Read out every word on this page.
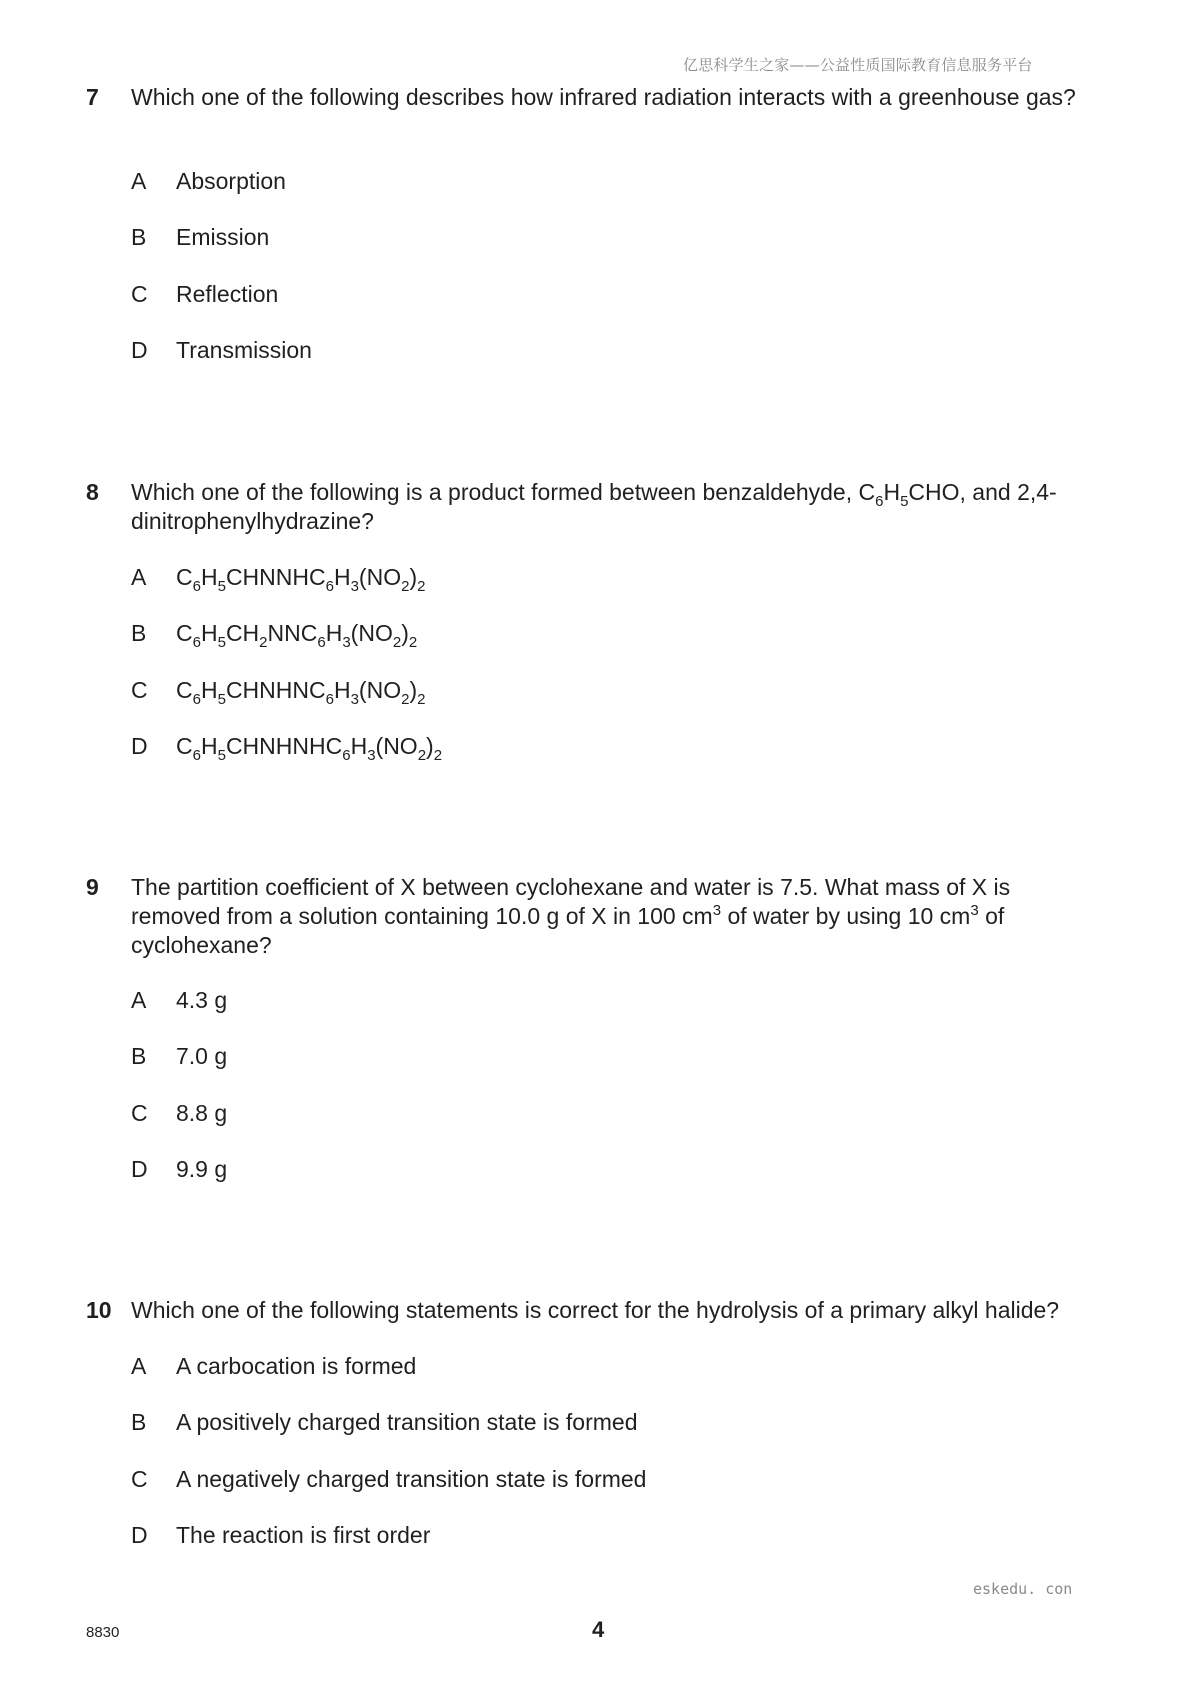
亿思科学生之家——公益性质国际教育信息服务平台
7 Which one of the following describes how infrared radiation interacts with a greenhouse gas?
A Absorption
B Emission
C Reflection
D Transmission
8 Which one of the following is a product formed between benzaldehyde, $C_6H_5CHO$, and 2,4-dinitrophenylhydrazine?
A $C_6H_5CHNNHC_6H_3(NO_2)_2$
B $C_6H_5CH_2NNC_6H_3(NO_2)_2$
C $C_6H_5CHNHNC_6H_3(NO_2)_2$
D $C_6H_5CHNHNHC_6H_3(NO_2)_2$
9 The partition coefficient of X between cyclohexane and water is 7.5. What mass of X is removed from a solution containing 10.0 g of X in 100 $cm^3$ of water by using 10 $cm^3$ of cyclohexane?
A 4.3 g
B 7.0 g
C 8.8 g
D 9.9 g
10 Which one of the following statements is correct for the hydrolysis of a primary alkyl halide?
A A carbocation is formed
B A positively charged transition state is formed
C A negatively charged transition state is formed
D The reaction is first order
eskedu. con
8830	4
